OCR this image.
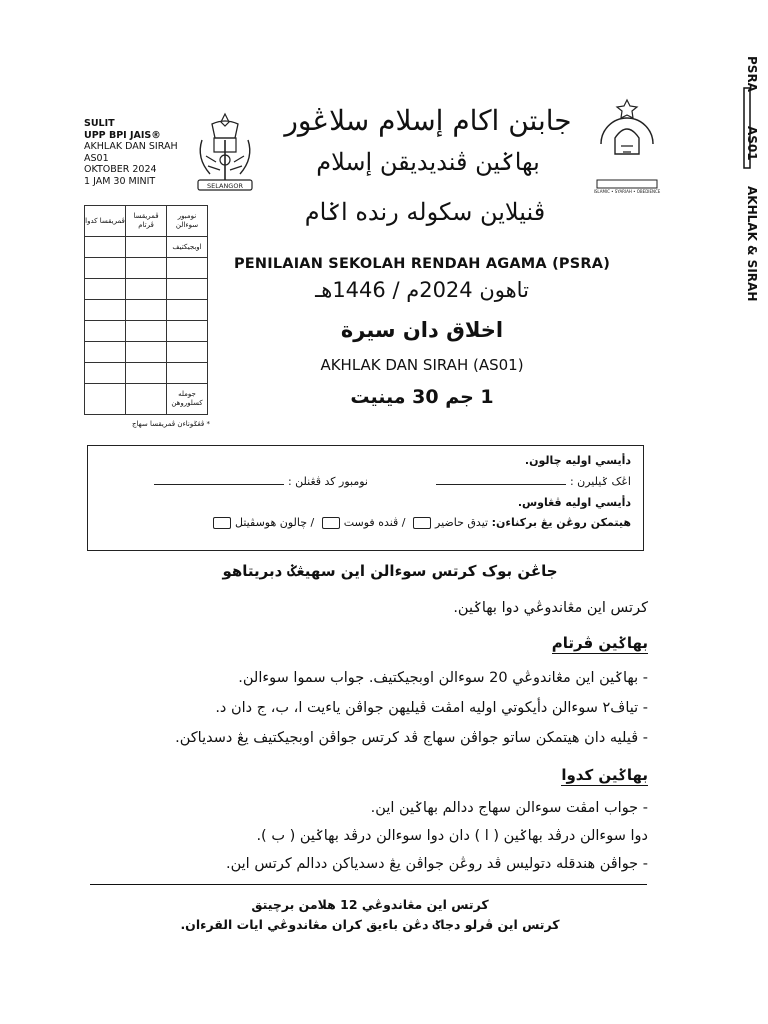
SULIT
UPP BPI JAIS®
AKHLAK DAN SIRAH
AS01
OKTOBER 2024
1 JAM 30 MINIT	SELANGOR
جابتن اكام إسلام سلاڠور
بهاݢين ڤنديديقن إسلام
ISLAMIC • SYARIAH • OBEDIENCE
ڤمريقسا كدوا	ڤمريقسا ڤرتام	نومبور سوءالن
		اوبجيكتيف

		جومله كسلوروهن
* ڤڠݢوناءن ڤمريقسا سهاج
ڤنيلاين سكوله رنده اݢام
PENILAIAN SEKOLAH RENDAH AGAMA (PSRA)
تاهون 2024م / 1446هـ
اخلاق دان سيرة
AKHLAK DAN SIRAH (AS01)
1 جم 30 مينيت
دأيسي اوليه چالون.
اڠک ݢيليرن :
نومبور كد ڤڠنلن :
دأيسي اوليه ڤڠاوس.
هيتمكن روڠن يڠ بركناءن: تيدق حاضير / ڤنده فوست / چالون هوسڤيتل
جاڠن بوک كرتس سوءالن اين سهيڠݢ دبريتاهو
كرتس اين مڠاندوڠي دوا بهاݢين.
بهاݢين ڤرتام
- بهاݢين اين مڠاندوڠي 20 سوءالن اوبجيكتيف. جواب سموا سوءالن.
- تياڤ٢ سوءالن دأيكوتي اوليه امڤت ڤيليهن جواڤن ياءيت ا، ب، ج دان د.
- ڤيليه دان هيتمكن ساتو جواڤن سهاج ڤد كرتس جواڤن اوبجيكتيف يڠ دسدياكن.
بهاݢين كدوا
- جواب امڤت سوءالن سهاج ددالم بهاݢين اين.
دوا سوءالن درڤد بهاݢين ( ا ) دان دوا سوءالن درڤد بهاݢين ( ب ).
- جواڤن هندقله دتوليس ڤد روڠن جواڤن يڠ دسدياكن ددالم كرتس اين.
كرتس اين مڠاندوڠي 12 هلامن برچيتق
كرتس اين ڤرلو دجاݢ دڠن باءيق كران مڠاندوڠي ايات القرءان.
PSRA
AS01
AKHLAK & SIRAH
